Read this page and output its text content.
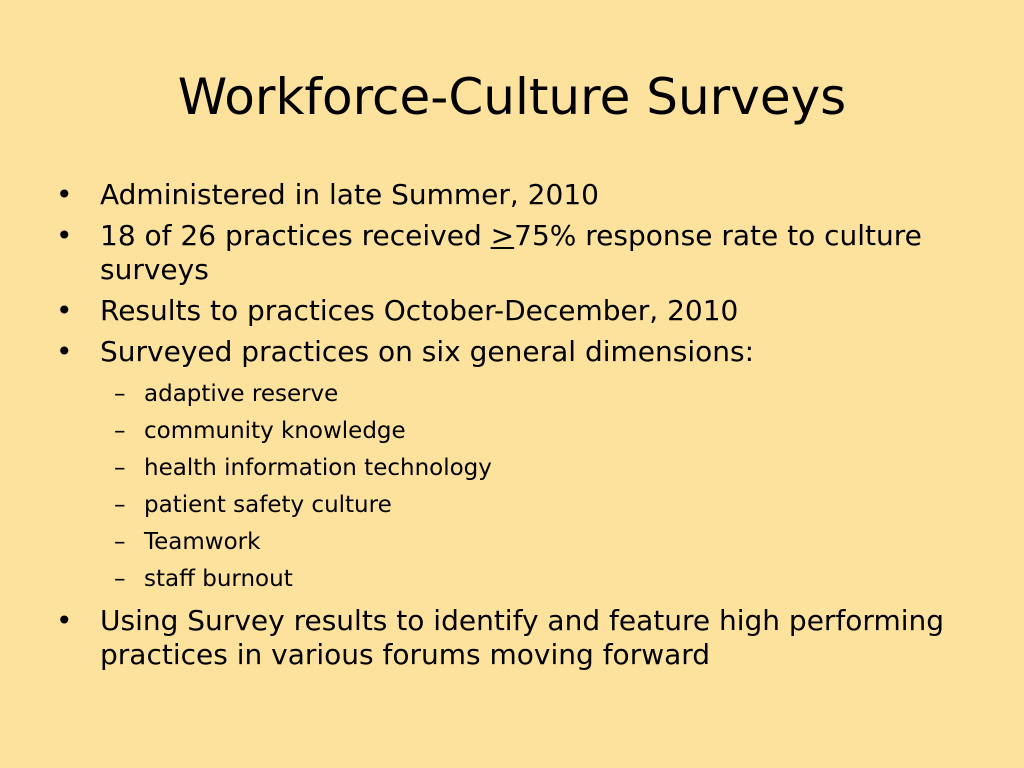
Workforce-Culture Surveys
• Administered in late Summer, 2010
• 18 of 26 practices received ≥75% response rate to culture surveys
• Results to practices October-December, 2010
• Surveyed practices on six general dimensions:
– adaptive reserve
– community knowledge
– health information technology
– patient safety culture
– Teamwork
– staff burnout
• Using Survey results to identify and feature high performing practices in various forums moving forward
